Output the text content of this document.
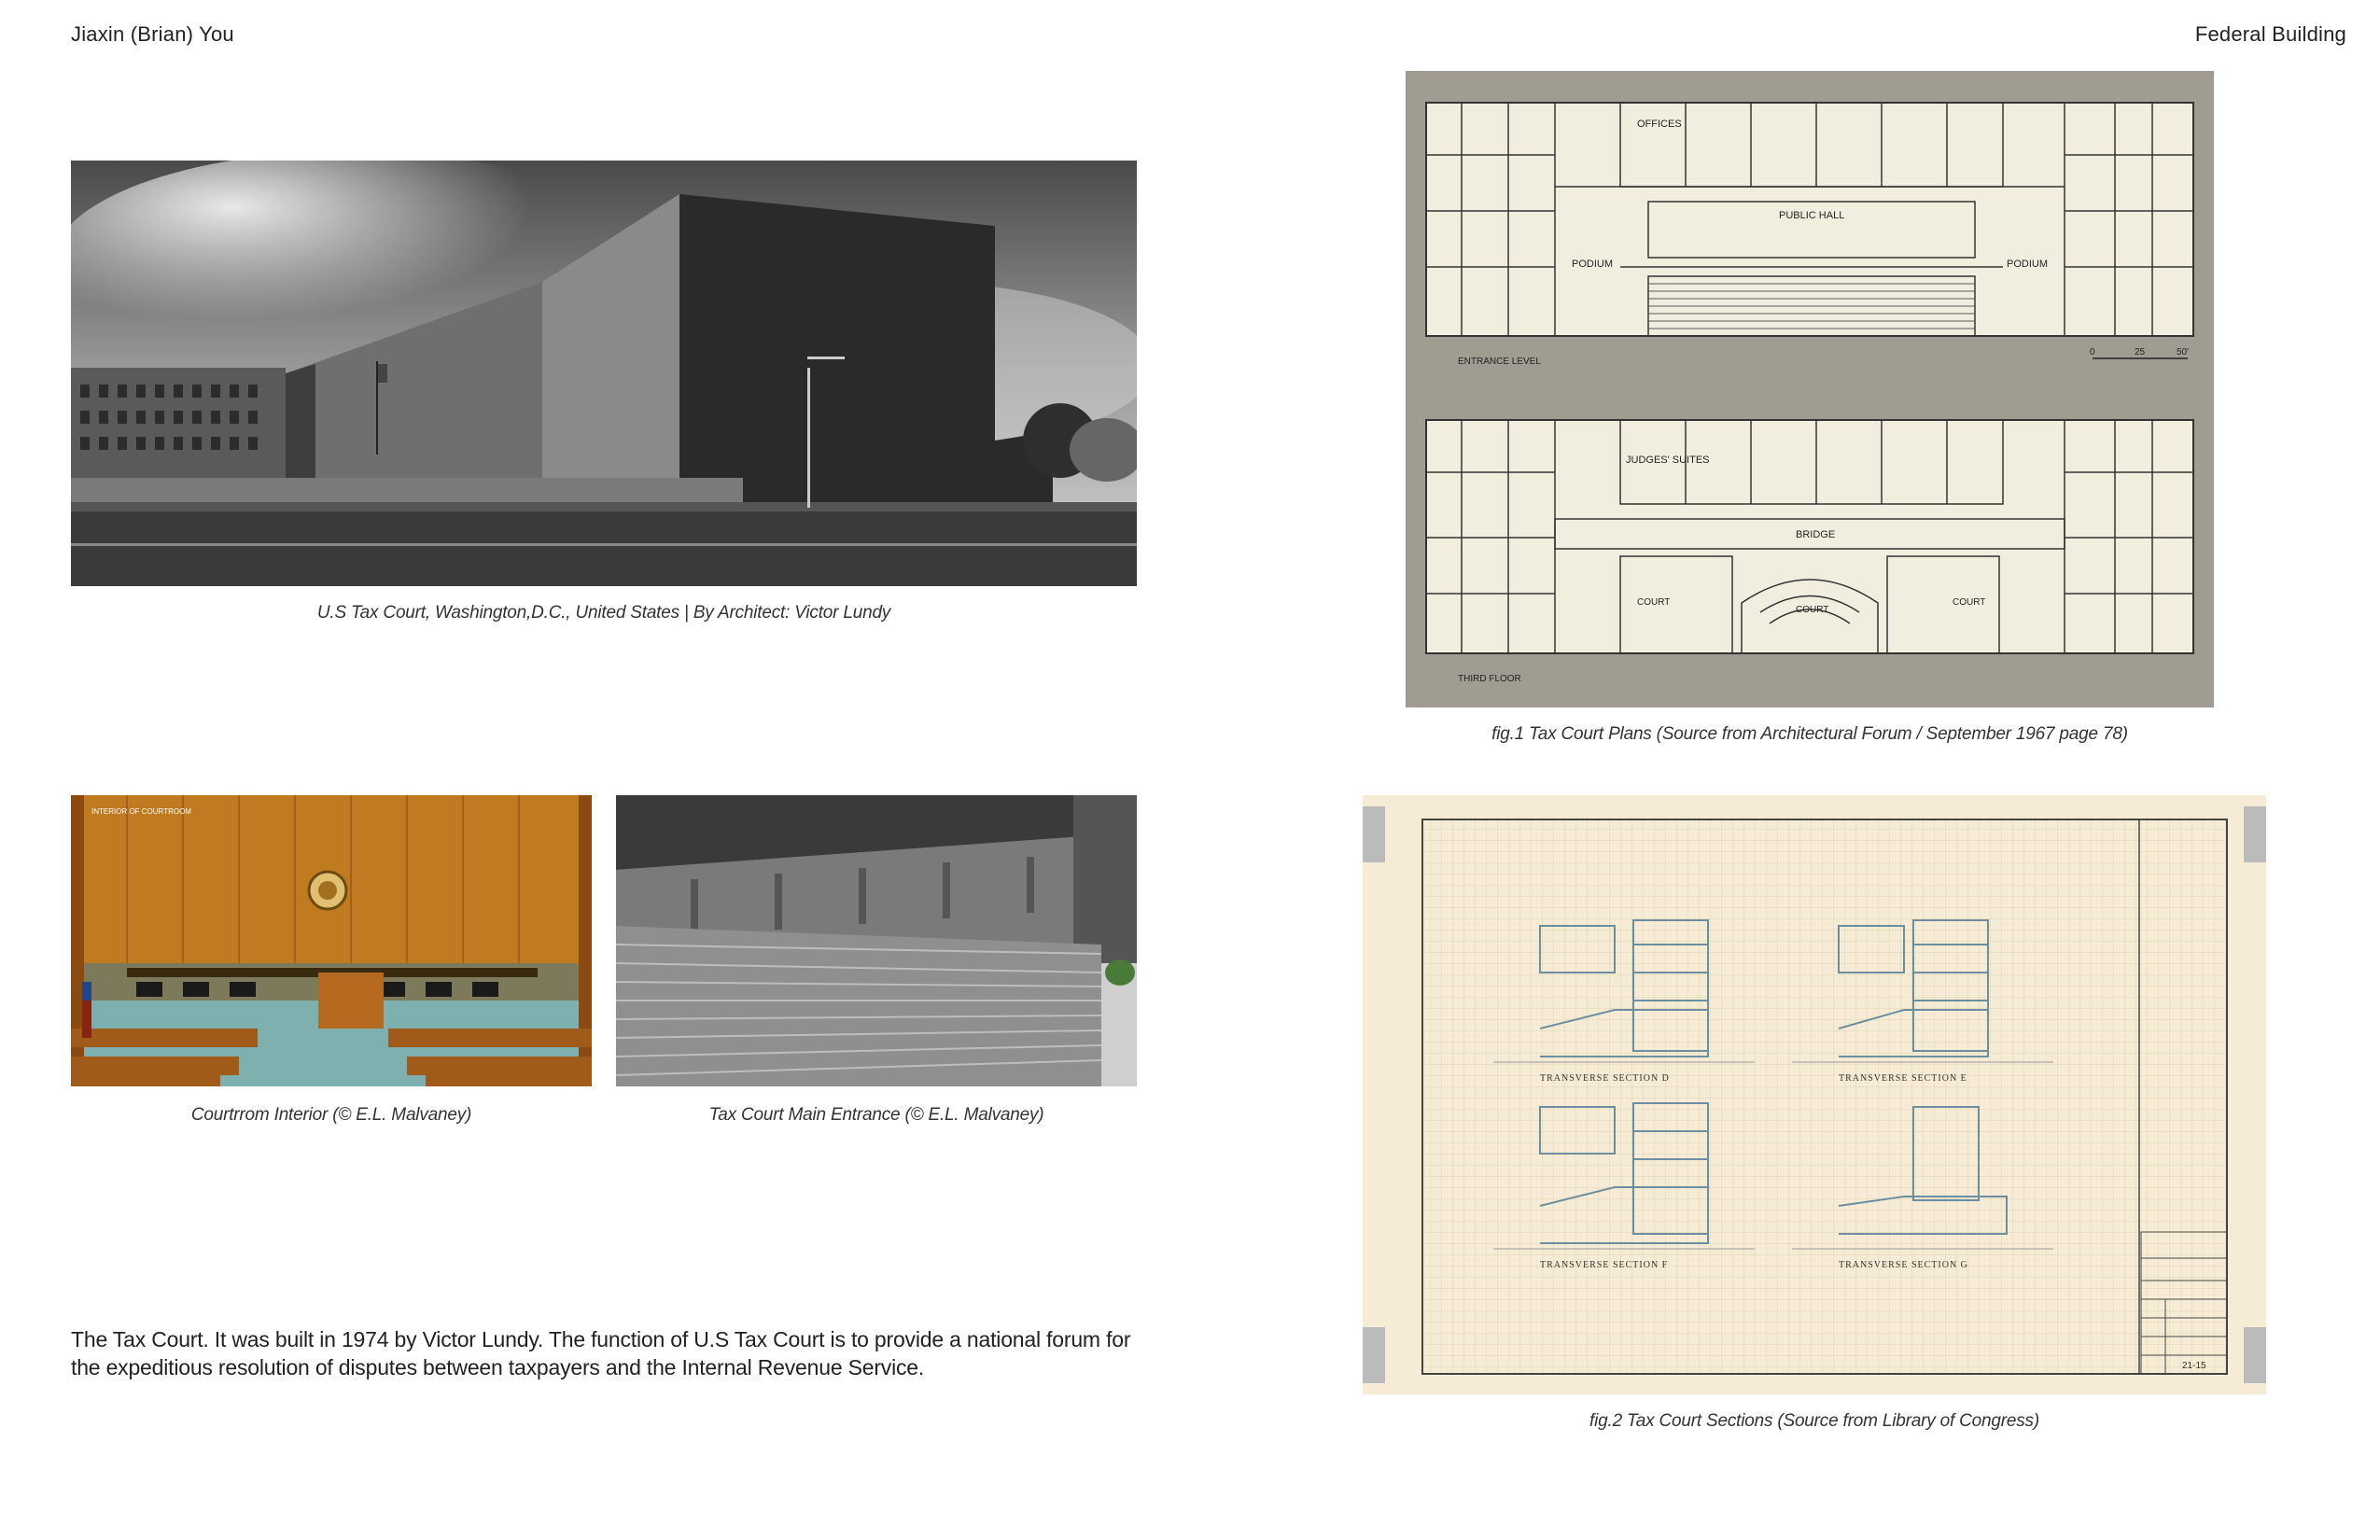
Jiaxin (Brian) You	Federal Building
U.S Tax Court, Washington,D.C., United States | By Architect: Victor Lundy
INTERIOR OF COURTROOM
Courtrrom Interior (© E.L. Malvaney)	Tax Court Main Entrance (© E.L. Malvaney)
The Tax Court. It was built in 1974 by Victor Lundy. The function of U.S Tax Court is to provide a national forum for the expeditious resolution of disputes between taxpayers and the Internal Revenue Service.
OFFICES
PUBLIC HALL
PODIUM	PODIUM
ENTRANCE LEVEL
0	25	50'
JUDGES' SUITES
BRIDGE
COURT
COURT
COURT
THIRD FLOOR
fig.1 Tax Court Plans (Source from Architectural Forum / September 1967 page 78)
TRANSVERSE SECTION D	TRANSVERSE SECTION E
TRANSVERSE SECTION F	TRANSVERSE SECTION G
21-15
fig.2 Tax Court Sections (Source from Library of Congress)
